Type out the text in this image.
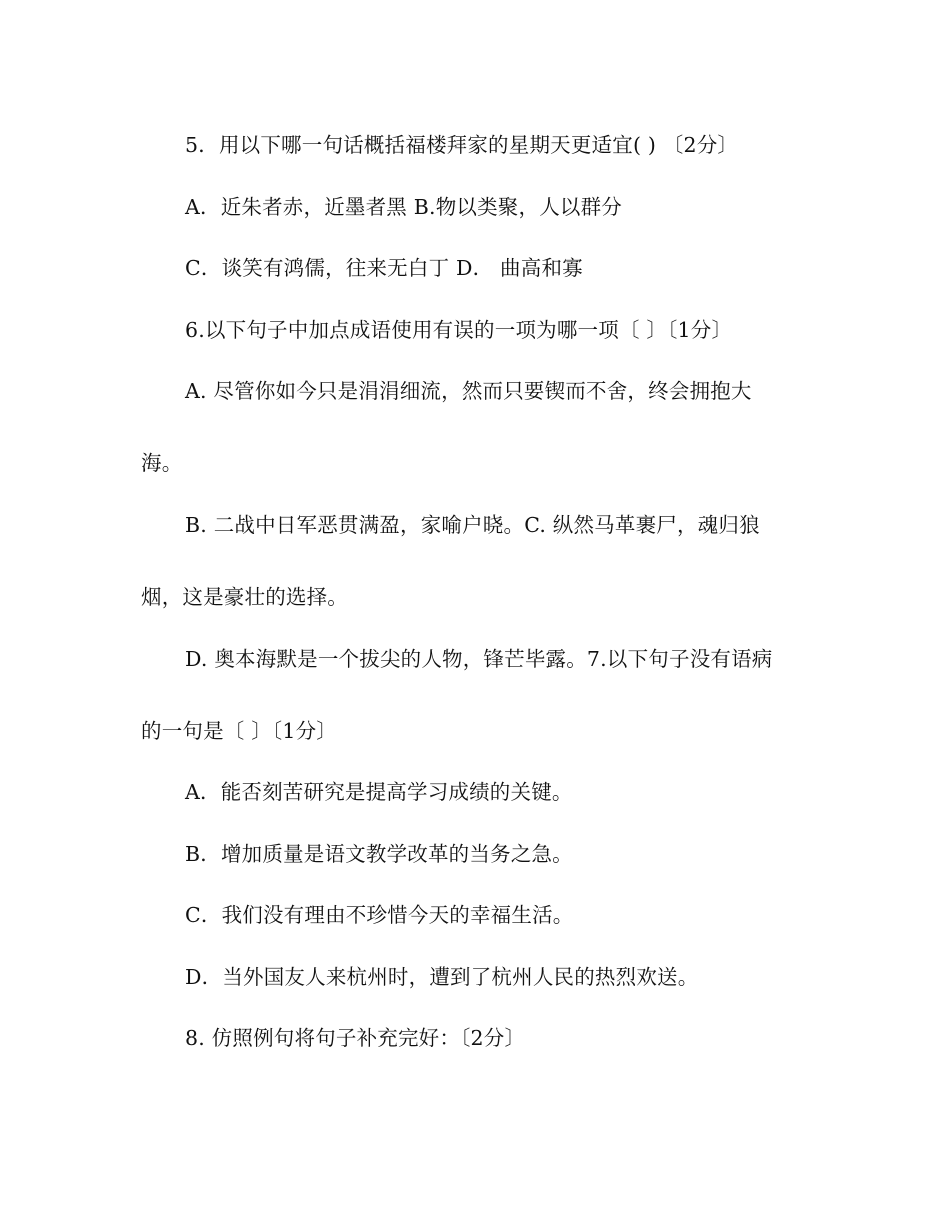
5．用以下哪一句话概括福楼拜家的星期天更适宜( ) 〔2分〕
A．近朱者赤，近墨者黑 B.物以类聚，人以群分
C．谈笑有鸿儒，往来无白丁 D． 曲高和寡
6.以下句子中加点成语使用有误的一项为哪一项〔 〕〔1分〕
A. 尽管你如今只是涓涓细流，然而只要锲而不舍，终会拥抱大
海。
B. 二战中日军恶贯满盈，家喻户晓。C. 纵然马革裹尸，魂归狼
烟，这是豪壮的选择。
D. 奥本海默是一个拔尖的人物，锋芒毕露。7.以下句子没有语病
的一句是〔 〕〔1分〕
A．能否刻苦研究是提高学习成绩的关键。
B．增加质量是语文教学改革的当务之急。
C．我们没有理由不珍惜今天的幸福生活。
D．当外国友人来杭州时，遭到了杭州人民的热烈欢送。
8. 仿照例句将句子补充完好：〔2分〕
